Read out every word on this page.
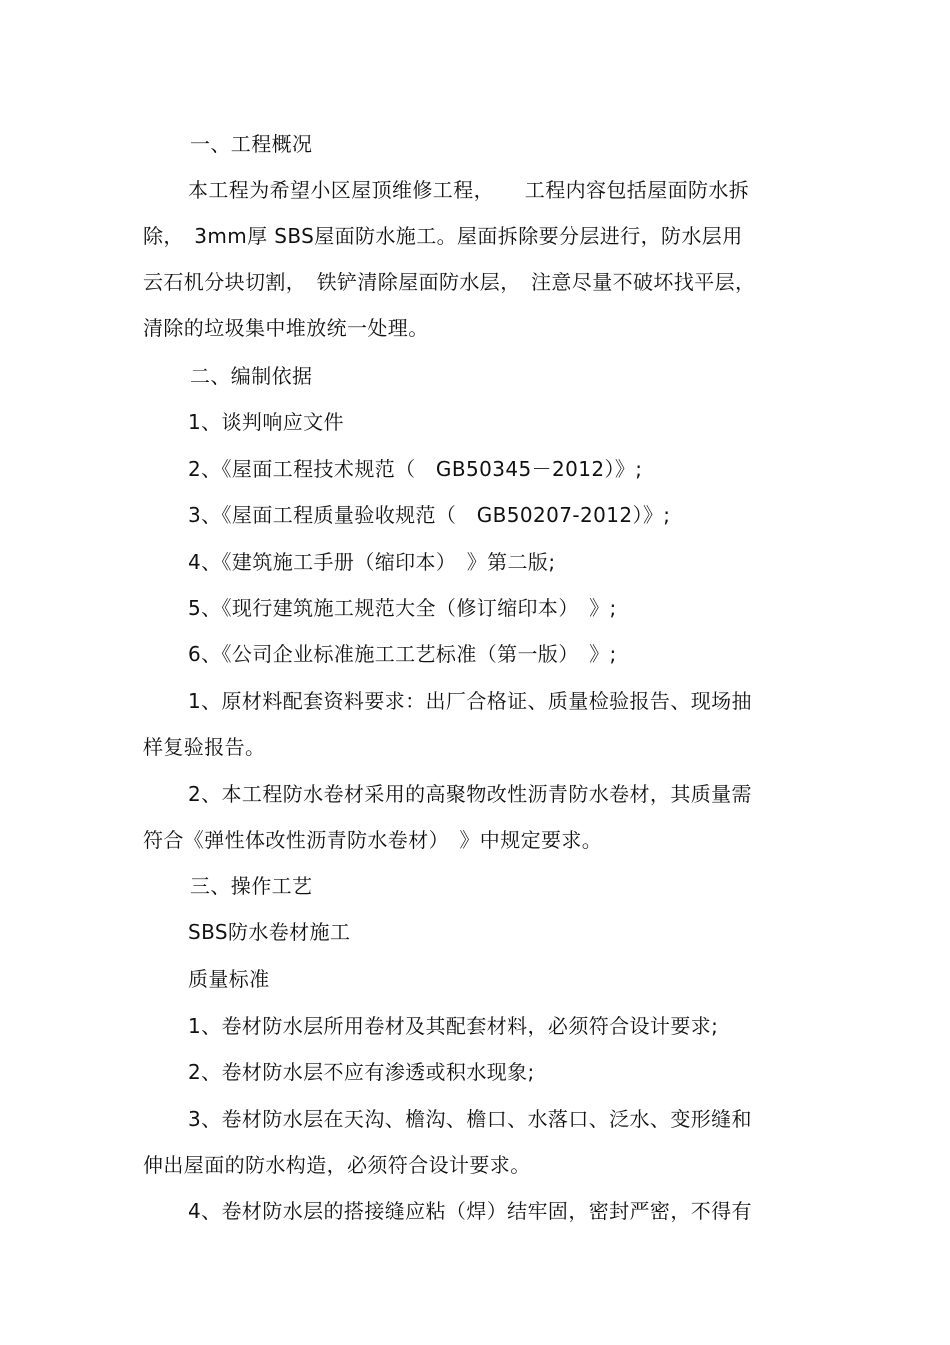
一、工程概况
本工程为希望小区屋顶维修工程，　　工程内容包括屋面防水拆
除，　3mm厚 SBS屋面防水施工。屋面拆除要分层进行，防水层用
云石机分块切割，　铁铲清除屋面防水层，　注意尽量不破坏找平层，
清除的垃圾集中堆放统一处理。
二、编制依据
1、谈判响应文件
2、《屋面工程技术规范（　GB50345－2012）》;
3、《屋面工程质量验收规范（　GB50207-2012）》;
4、《建筑施工手册（缩印本）　》第二版;
5、《现行建筑施工规范大全（修订缩印本）　》;
6、《公司企业标准施工工艺标准（第一版）　》;
1、原材料配套资料要求：出厂合格证、质量检验报告、现场抽
样复验报告。
2、本工程防水卷材采用的高聚物改性沥青防水卷材，其质量需
符合《弹性体改性沥青防水卷材）　》中规定要求。
三、操作工艺
SBS防水卷材施工
质量标准
1、卷材防水层所用卷材及其配套材料，必须符合设计要求;
2、卷材防水层不应有渗透或积水现象;
3、卷材防水层在天沟、檐沟、檐口、水落口、泛水、变形缝和
伸出屋面的防水构造，必须符合设计要求。
4、卷材防水层的搭接缝应粘（焊）结牢固，密封严密，不得有
